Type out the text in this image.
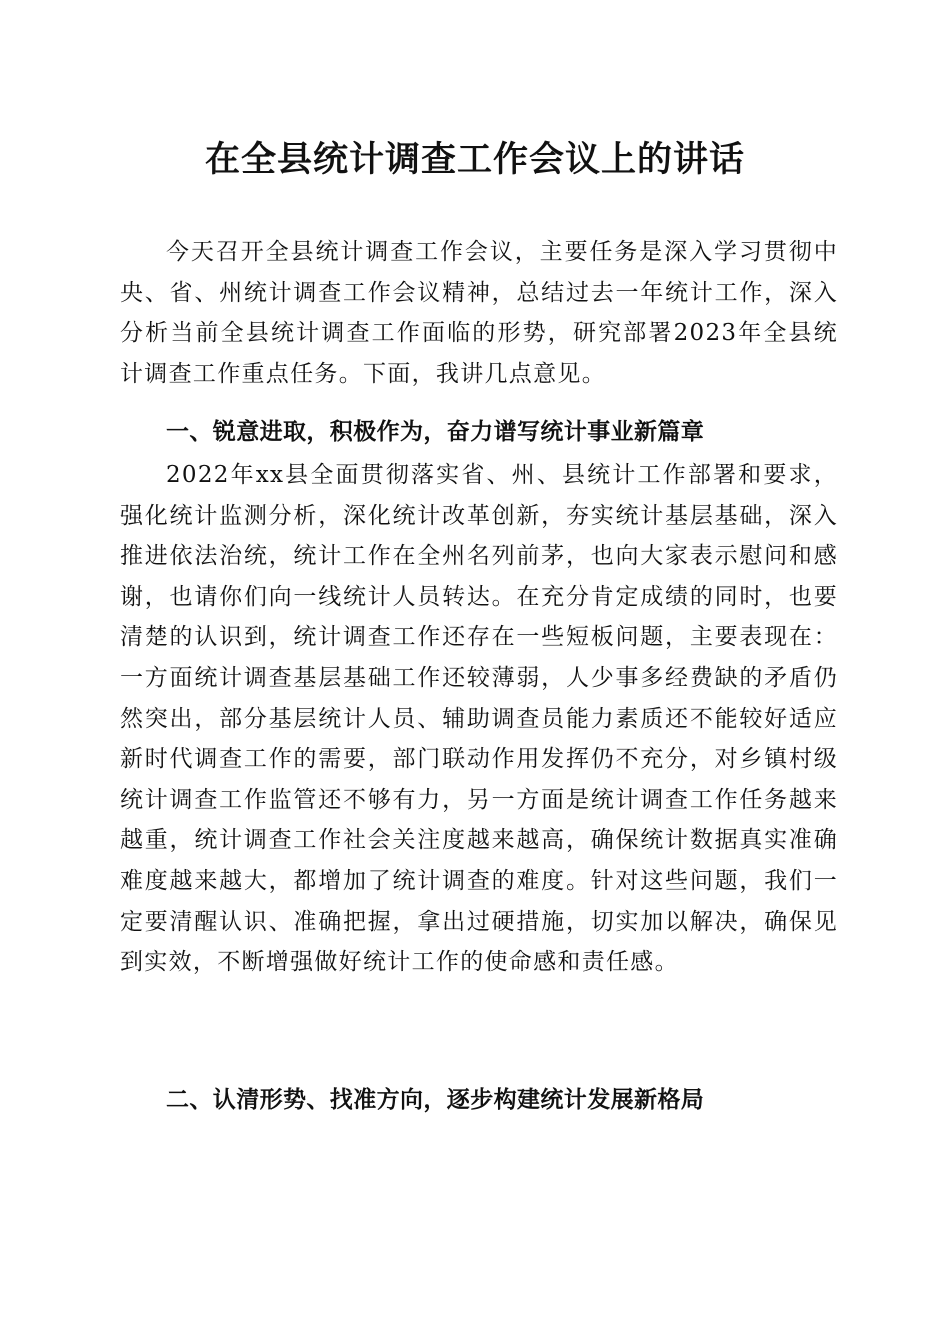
在全县统计调查工作会议上的讲话

今天召开全县统计调查工作会议，主要任务是深入学习贯彻中央、省、州统计调查工作会议精神，总结过去一年统计工作，深入分析当前全县统计调查工作面临的形势，研究部署2023年全县统计调查工作重点任务。下面，我讲几点意见。

一、锐意进取，积极作为，奋力谱写统计事业新篇章

2022年xx县全面贯彻落实省、州、县统计工作部署和要求，强化统计监测分析，深化统计改革创新，夯实统计基层基础，深入推进依法治统，统计工作在全州名列前茅，也向大家表示慰问和感谢，也请你们向一线统计人员转达。在充分肯定成绩的同时，也要清楚的认识到，统计调查工作还存在一些短板问题，主要表现在：一方面统计调查基层基础工作还较薄弱，人少事多经费缺的矛盾仍然突出，部分基层统计人员、辅助调查员能力素质还不能较好适应新时代调查工作的需要，部门联动作用发挥仍不充分，对乡镇村级统计调查工作监管还不够有力，另一方面是统计调查工作任务越来越重，统计调查工作社会关注度越来越高，确保统计数据真实准确难度越来越大，都增加了统计调查的难度。针对这些问题，我们一定要清醒认识、准确把握，拿出过硬措施，切实加以解决，确保见到实效，不断增强做好统计工作的使命感和责任感。

二、认清形势、找准方向，逐步构建统计发展新格局
